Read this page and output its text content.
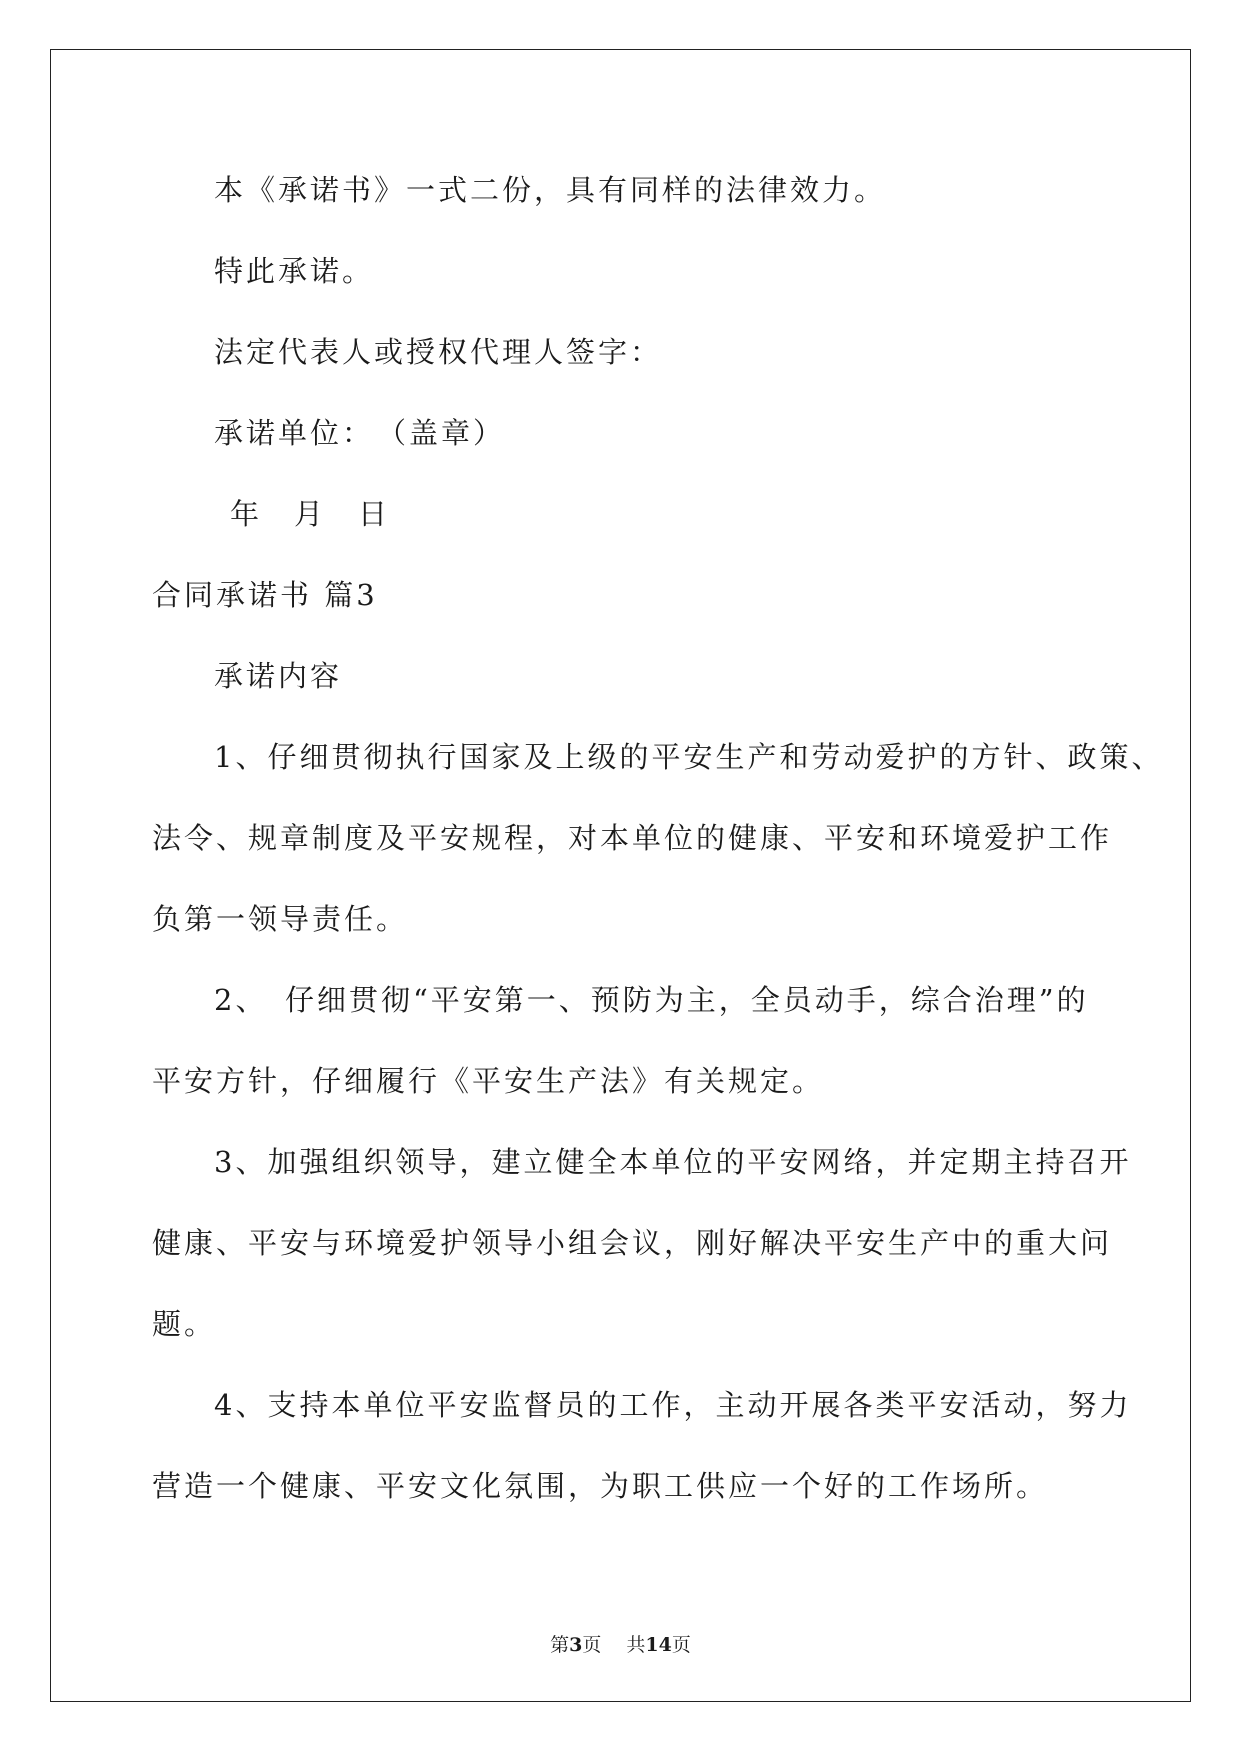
本《承诺书》一式二份，具有同样的法律效力。
特此承诺。
法定代表人或授权代理人签字：
承诺单位：　（盖章）
年　月　日
合同承诺书 篇3
承诺内容
1、仔细贯彻执行国家及上级的平安生产和劳动爱护的方针、政策、
法令、规章制度及平安规程，对本单位的健康、平安和环境爱护工作
负第一领导责任。
2、　仔细贯彻“平安第一、预防为主，全员动手，综合治理”的
平安方针，仔细履行《平安生产法》有关规定。
3、加强组织领导，建立健全本单位的平安网络，并定期主持召开
健康、平安与环境爱护领导小组会议，刚好解决平安生产中的重大问
题。
4、支持本单位平安监督员的工作，主动开展各类平安活动，努力
营造一个健康、平安文化氛围，为职工供应一个好的工作场所。
第3页　 共14页
